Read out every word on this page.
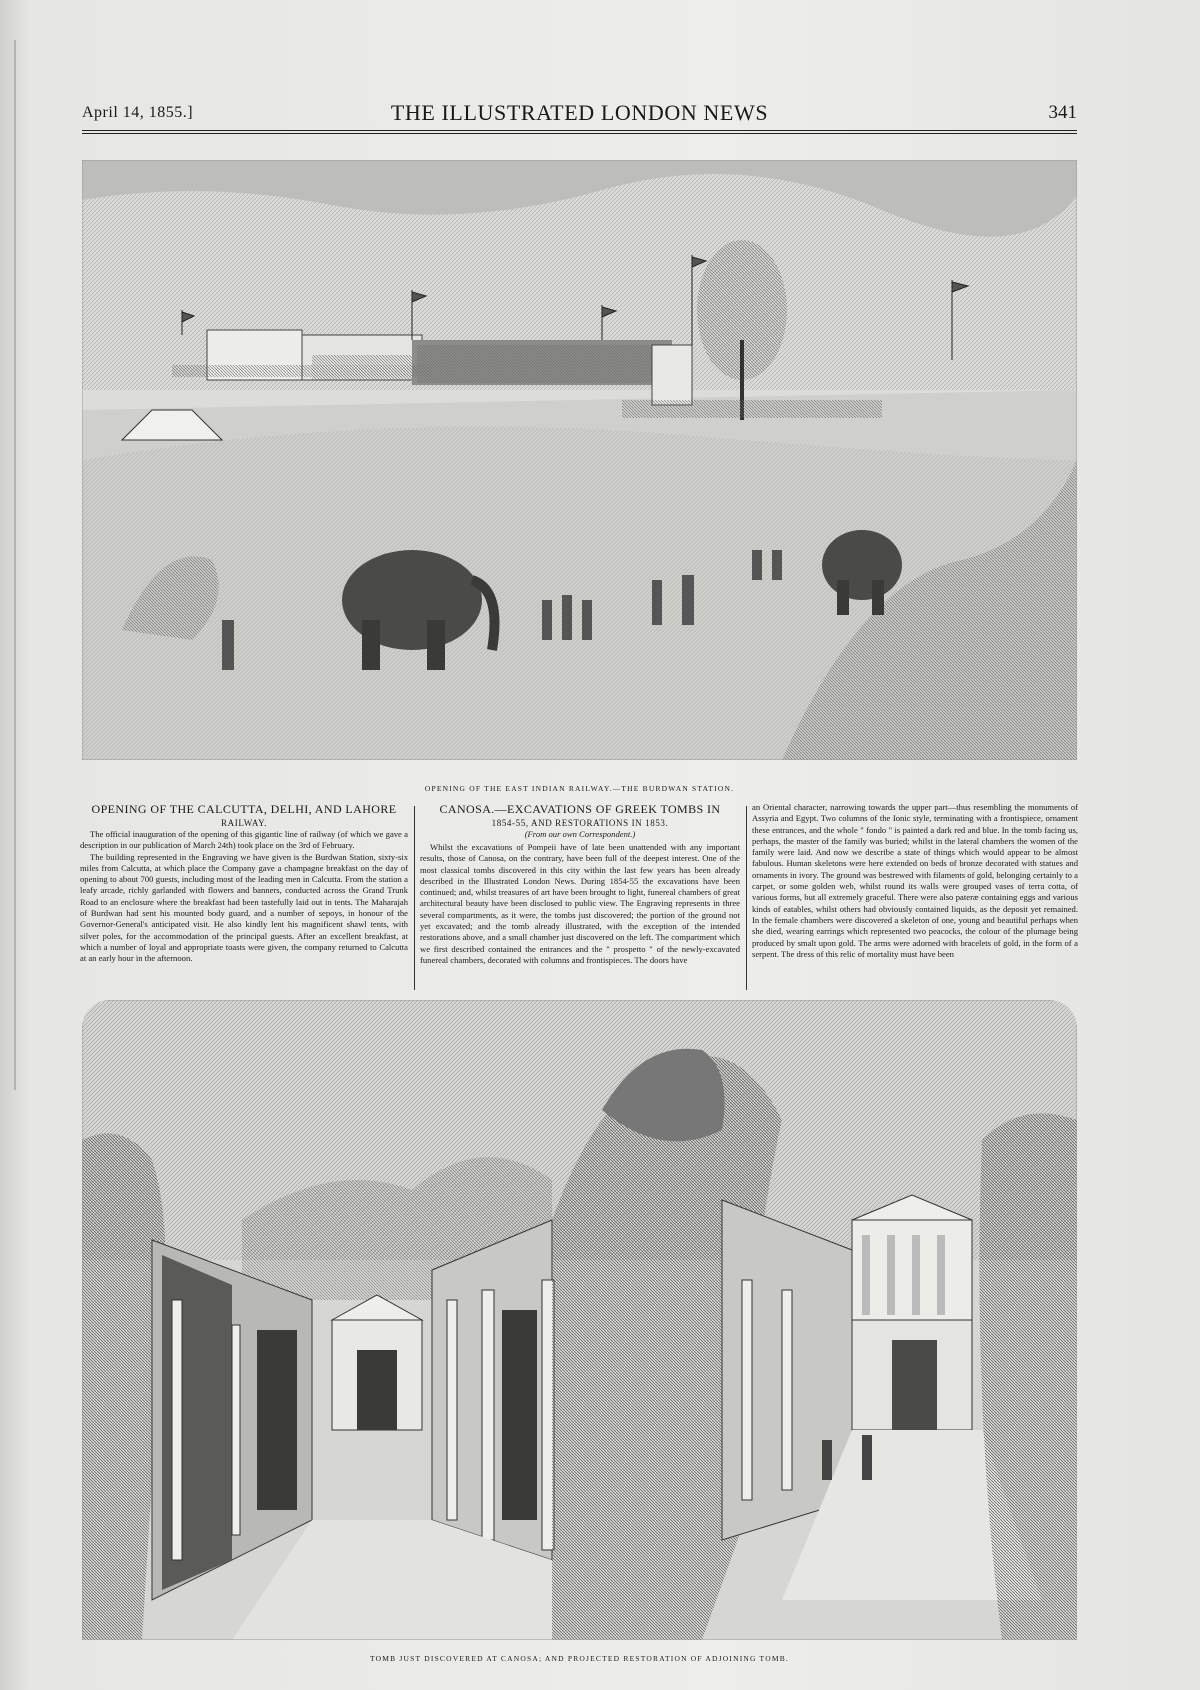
April 14, 1855.]	THE ILLUSTRATED LONDON NEWS	341
OPENING OF THE EAST INDIAN RAILWAY.—THE BURDWAN STATION.
OPENING OF THE CALCUTTA, DELHI, AND LAHORE
RAILWAY.

The official inauguration of the opening of this gigantic line of railway (of which we gave a description in our publication of March 24th) took place on the 3rd of February.

The building represented in the Engraving we have given is the Burdwan Station, sixty-six miles from Calcutta, at which place the Company gave a champagne breakfast on the day of opening to about 700 guests, including most of the leading men in Calcutta. From the station a leafy arcade, richly garlanded with flowers and banners, conducted across the Grand Trunk Road to an enclosure where the breakfast had been tastefully laid out in tents. The Maharajah of Burdwan had sent his mounted body guard, and a number of sepoys, in honour of the Governor-General's anticipated visit. He also kindly lent his magnificent shawl tents, with silver poles, for the accommodation of the principal guests. After an excellent breakfast, at which a number of loyal and appropriate toasts were given, the company returned to Calcutta at an early hour in the afternoon.

CANOSA.—EXCAVATIONS OF GREEK TOMBS IN
1854-55, AND RESTORATIONS IN 1853.
(From our own Correspondent.)

Whilst the excavations of Pompeii have of late been unattended with any important results, those of Canosa, on the contrary, have been full of the deepest interest. One of the most classical tombs discovered in this city within the last few years has been already described in the Illustrated London News. During 1854-55 the excavations have been continued; and, whilst treasures of art have been brought to light, funereal chambers of great architectural beauty have been disclosed to public view. The Engraving represents in three several compartments, as it were, the tombs just discovered; the portion of the ground not yet excavated; and the tomb already illustrated, with the exception of the intended restorations above, and a small chamber just discovered on the left. The compartment which we first described contained the entrances and the " prospetto " of the newly-excavated funereal chambers, decorated with columns and frontispieces. The doors have

an Oriental character, narrowing towards the upper part—thus resembling the monuments of Assyria and Egypt. Two columns of the Ionic style, terminating with a frontispiece, ornament these entrances, and the whole " fondo " is painted a dark red and blue. In the tomb facing us, perhaps, the master of the family was buried; whilst in the lateral chambers the women of the family were laid. And now we describe a state of things which would appear to be almost fabulous. Human skeletons were here extended on beds of bronze decorated with statues and ornaments in ivory. The ground was bestrewed with filaments of gold, belonging certainly to a carpet, or some golden web, whilst round its walls were grouped vases of terra cotta, of various forms, but all extremely graceful. There were also pateræ containing eggs and various kinds of eatables, whilst others had obviously contained liquids, as the deposit yet remained. In the female chambers were discovered a skeleton of one, young and beautiful perhaps when she died, wearing earrings which represented two peacocks, the colour of the plumage being produced by smalt upon gold. The arms were adorned with bracelets of gold, in the form of a serpent. The dress of this relic of mortality must have been

TOMB JUST DISCOVERED AT CANOSA; AND PROJECTED RESTORATION OF ADJOINING TOMB.
